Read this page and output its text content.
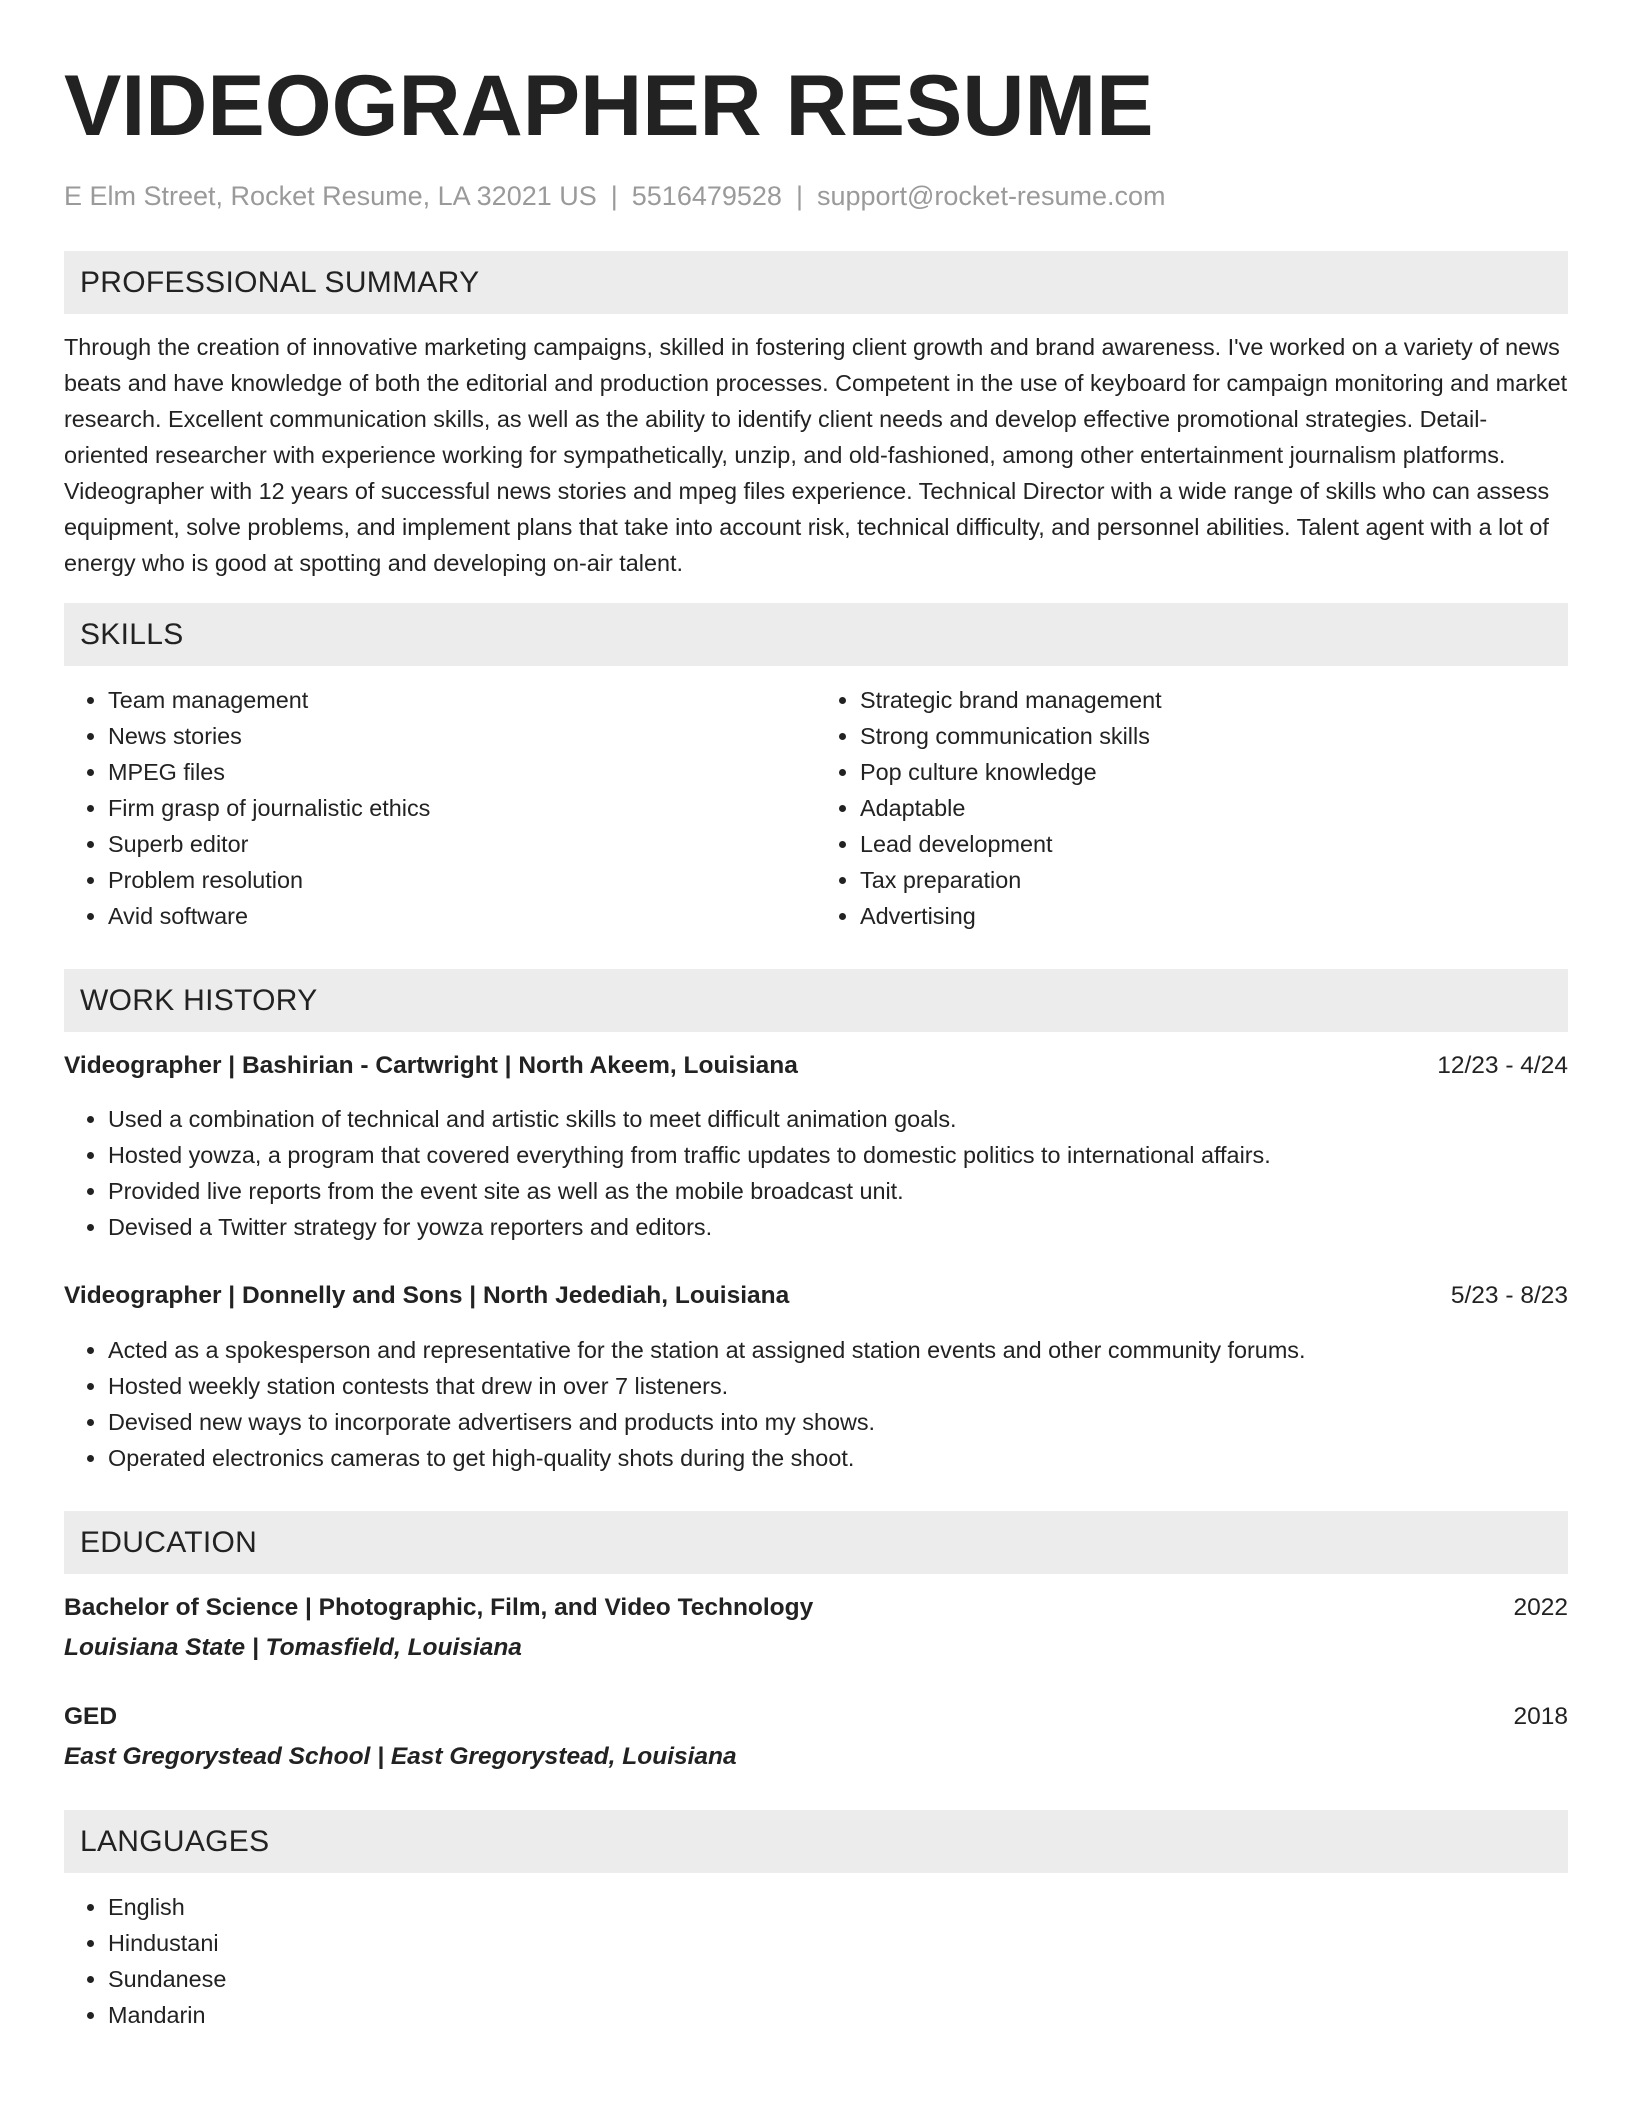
VIDEOGRAPHER RESUME
E Elm Street, Rocket Resume, LA 32021 US | 5516479528 | support@rocket-resume.com
PROFESSIONAL SUMMARY

Through the creation of innovative marketing campaigns, skilled in fostering client growth and brand awareness. I've worked on a variety of news beats and have knowledge of both the editorial and production processes. Competent in the use of keyboard for campaign monitoring and market research. Excellent communication skills, as well as the ability to identify client needs and develop effective promotional strategies. Detail-oriented researcher with experience working for sympathetically, unzip, and old-fashioned, among other entertainment journalism platforms. Videographer with 12 years of successful news stories and mpeg files experience. Technical Director with a wide range of skills who can assess equipment, solve problems, and implement plans that take into account risk, technical difficulty, and personnel abilities. Talent agent with a lot of energy who is good at spotting and developing on-air talent.

SKILLS
• Team management
• News stories
• MPEG files
• Firm grasp of journalistic ethics
• Superb editor
• Problem resolution
• Avid software
• Strategic brand management
• Strong communication skills
• Pop culture knowledge
• Adaptable
• Lead development
• Tax preparation
• Advertising
WORK HISTORY
Videographer | Bashirian - Cartwright | North Akeem, Louisiana	12/23 - 4/24
• Used a combination of technical and artistic skills to meet difficult animation goals.
• Hosted yowza, a program that covered everything from traffic updates to domestic politics to international affairs.
• Provided live reports from the event site as well as the mobile broadcast unit.
• Devised a Twitter strategy for yowza reporters and editors.
Videographer | Donnelly and Sons | North Jedediah, Louisiana	5/23 - 8/23
• Acted as a spokesperson and representative for the station at assigned station events and other community forums.
• Hosted weekly station contests that drew in over 7 listeners.
• Devised new ways to incorporate advertisers and products into my shows.
• Operated electronics cameras to get high-quality shots during the shoot.
EDUCATION
Bachelor of Science | Photographic, Film, and Video Technology	2022
Louisiana State | Tomasfield, Louisiana
GED	2018
East Gregorystead School | East Gregorystead, Louisiana
LANGUAGES
• English
• Hindustani
• Sundanese
• Mandarin
